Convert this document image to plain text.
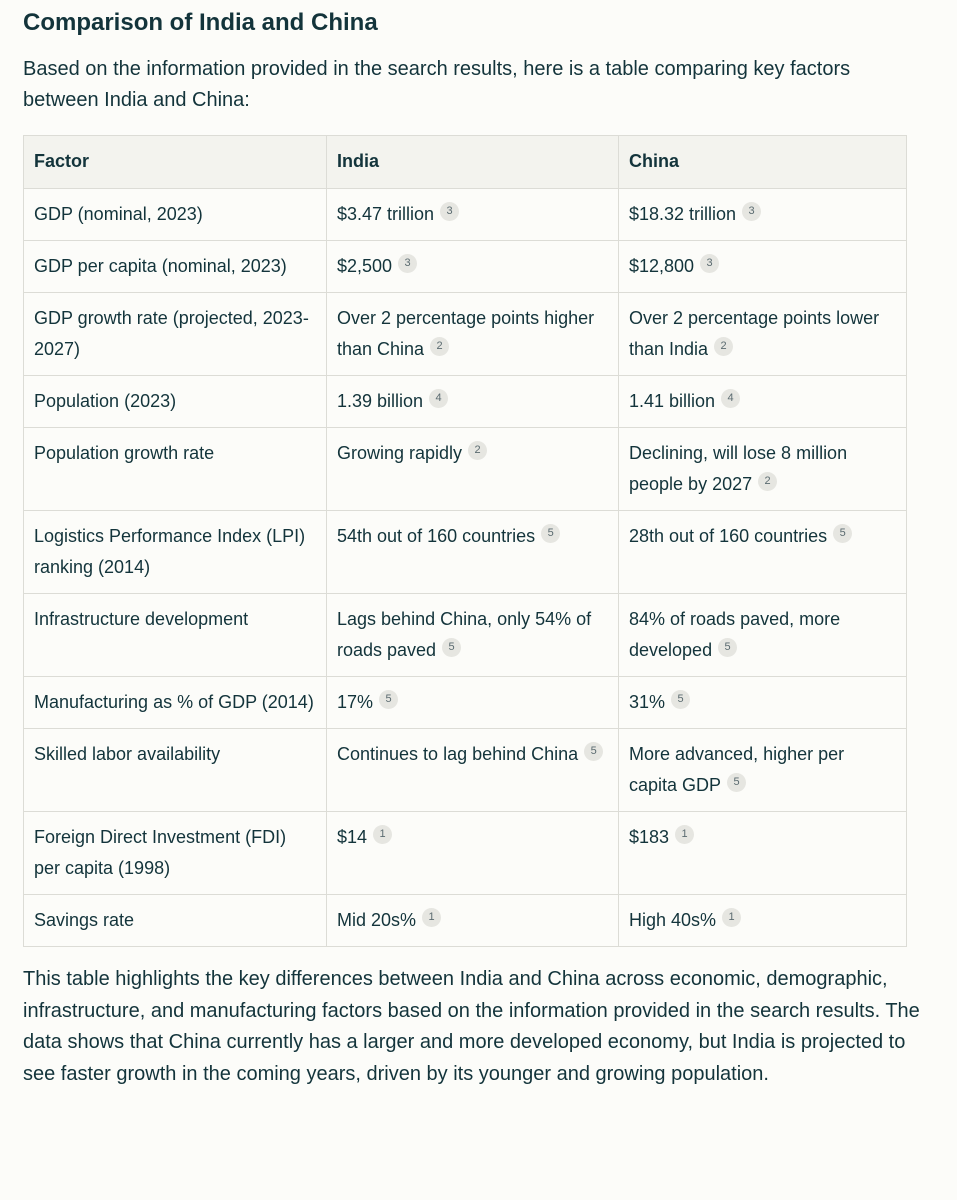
Comparison of India and China

Based on the information provided in the search results, here is a table comparing key factors between India and China:

Factor	India	China
GDP (nominal, 2023)	$3.47 trillion 3	$18.32 trillion 3
GDP per capita (nominal, 2023)	$2,500 3	$12,800 3
GDP growth rate (projected, 2023-2027)	Over 2 percentage points higher than China 2	Over 2 percentage points lower than India 2
Population (2023)	1.39 billion 4	1.41 billion 4
Population growth rate	Growing rapidly 2	Declining, will lose 8 million people by 2027 2
Logistics Performance Index (LPI) ranking (2014)	54th out of 160 countries 5	28th out of 160 countries 5
Infrastructure development	Lags behind China, only 54% of roads paved 5	84% of roads paved, more developed 5
Manufacturing as % of GDP (2014)	17% 5	31% 5
Skilled labor availability	Continues to lag behind China 5	More advanced, higher per capita GDP 5
Foreign Direct Investment (FDI) per capita (1998)	$14 1	$183 1
Savings rate	Mid 20s% 1	High 40s% 1

This table highlights the key differences between India and China across economic, demographic, infrastructure, and manufacturing factors based on the information provided in the search results. The data shows that China currently has a larger and more developed economy, but India is projected to see faster growth in the coming years, driven by its younger and growing population.
